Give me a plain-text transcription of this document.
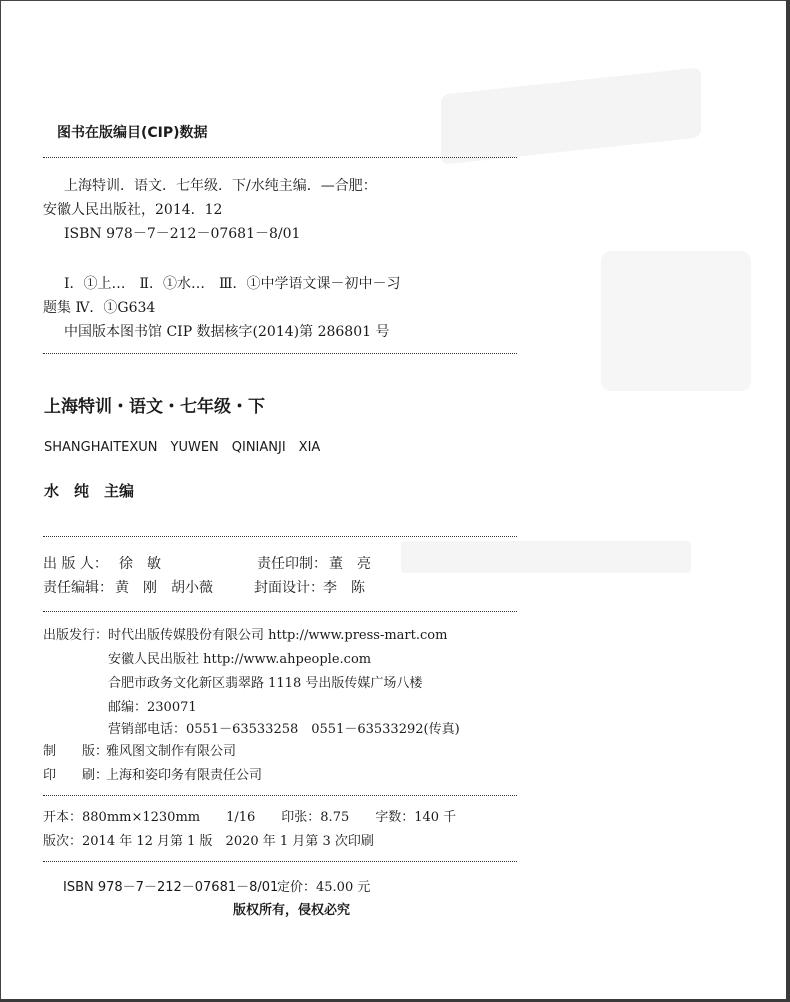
图书在版编目(CIP)数据
上海特训．语文．七年级．下/水纯主编．—合肥：
安徽人民出版社，2014．12
ISBN 978－7－212－07681－8/01
Ⅰ．①上…　Ⅱ．①水…　Ⅲ．①中学语文课－初中－习
题集 Ⅳ．①G634
中国版本图书馆 CIP 数据核字(2014)第 286801 号
上海特训・语文・七年级・下
SHANGHAITEXUN　YUWEN　QINIANJI　XIA
水　纯　主编
出 版 人： 徐　敏	责任印制： 董　亮
责任编辑： 黄　刚　胡小薇	封面设计： 李　陈
出版发行： 时代出版传媒股份有限公司 http://www.press-mart.com
安徽人民出版社 http://www.ahpeople.com
合肥市政务文化新区翡翠路 1118 号出版传媒广场八楼
邮编：230071
营销部电话：0551－63533258　0551－63533292(传真)
制　　版：
雅风图文制作有限公司
印　　刷：
上海和姿印务有限责任公司
开本：880mm×1230mm　　1/16　　印张：8.75　　字数：140 千
版次：2014 年 12 月第 1 版　2020 年 1 月第 3 次印刷
ISBN 978－7－212－07681－8/01
定价：45.00 元
版权所有，侵权必究
